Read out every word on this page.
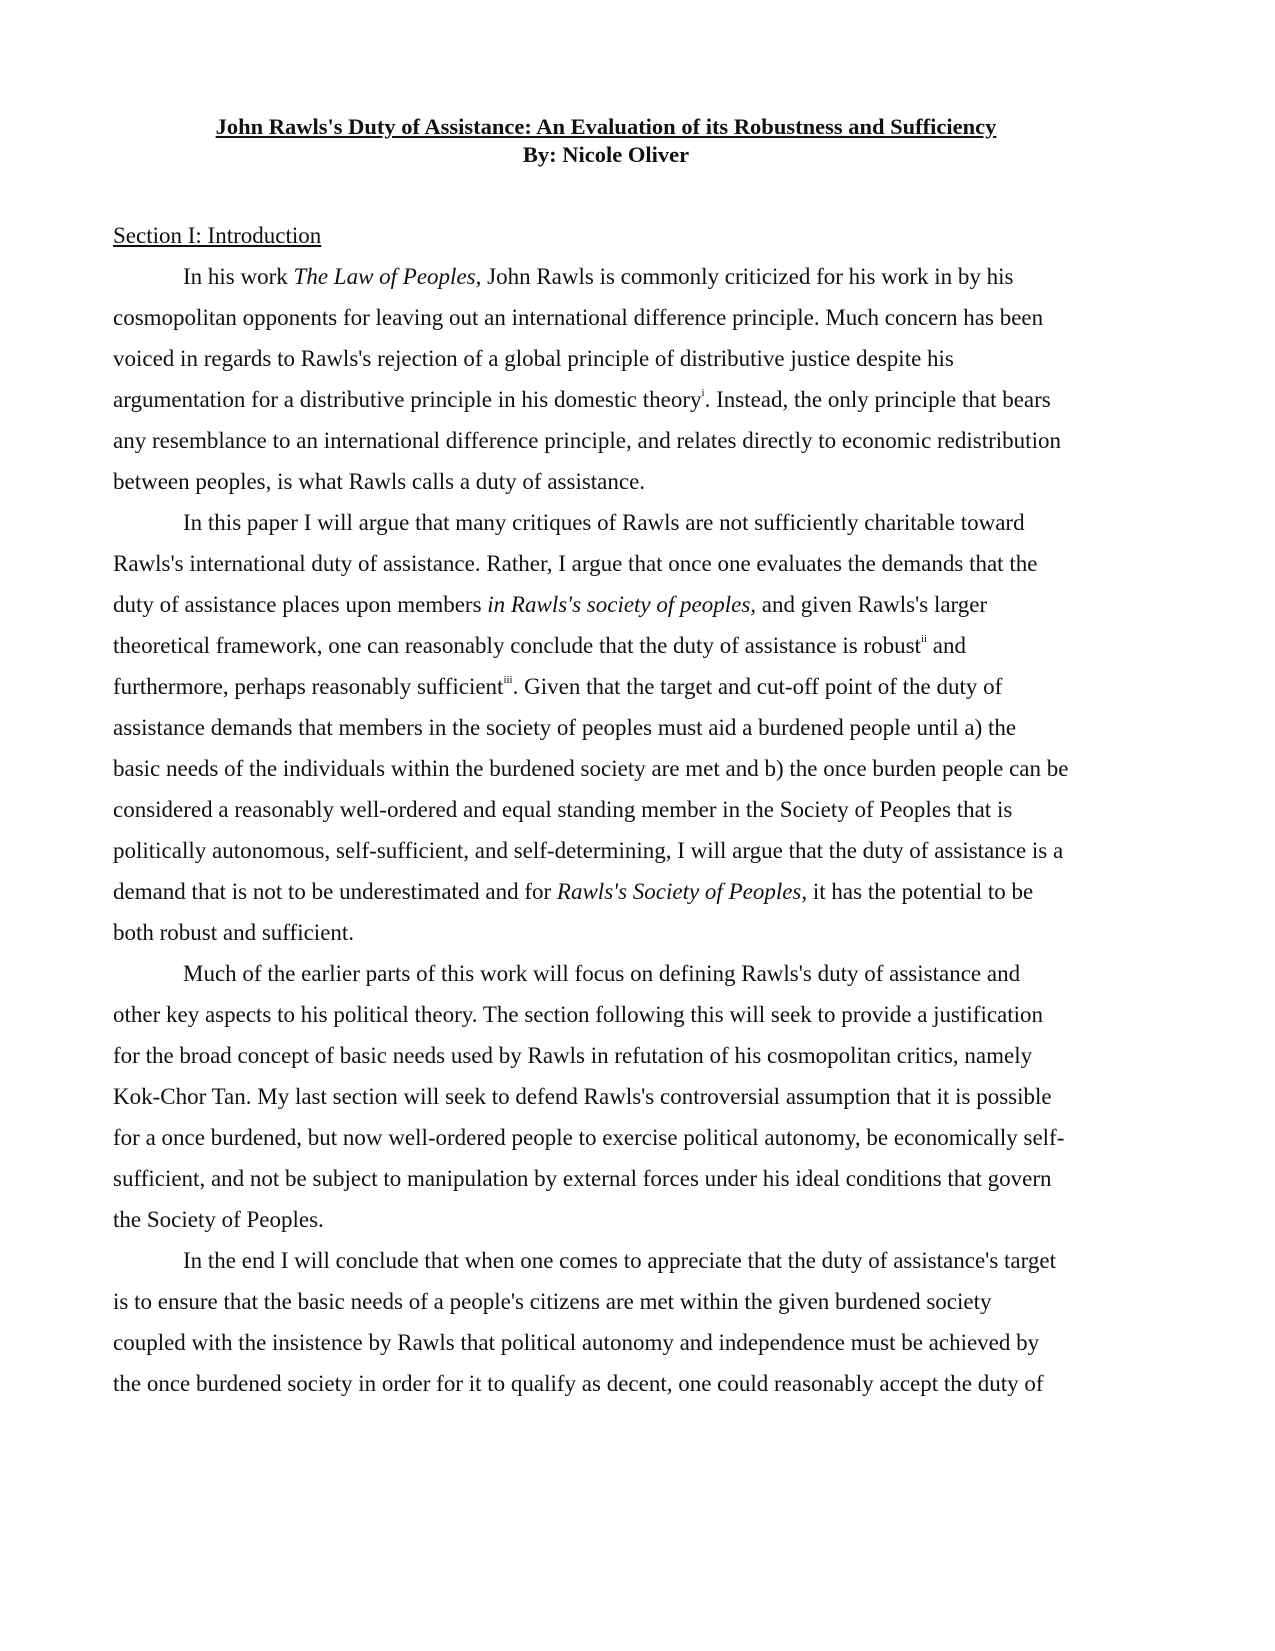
John Rawls's Duty of Assistance: An Evaluation of its Robustness and Sufficiency
By: Nicole Oliver
Section I: Introduction
In his work The Law of Peoples, John Rawls is commonly criticized for his work in by his
cosmopolitan opponents for leaving out an international difference principle. Much concern has been
voiced in regards to Rawls's rejection of a global principle of distributive justice despite his
argumentation for a distributive principle in his domestic theory$^i$. Instead, the only principle that bears
any resemblance to an international difference principle, and relates directly to economic redistribution
between peoples, is what Rawls calls a duty of assistance.
In this paper I will argue that many critiques of Rawls are not sufficiently charitable toward
Rawls's international duty of assistance. Rather, I argue that once one evaluates the demands that the
duty of assistance places upon members in Rawls's society of peoples, and given Rawls's larger
theoretical framework, one can reasonably conclude that the duty of assistance is robust$^{ii}$ and
furthermore, perhaps reasonably sufficient$^{iii}$. Given that the target and cut-off point of the duty of
assistance demands that members in the society of peoples must aid a burdened people until a) the
basic needs of the individuals within the burdened society are met and b) the once burden people can be
considered a reasonably well-ordered and equal standing member in the Society of Peoples that is
politically autonomous, self-sufficient, and self-determining, I will argue that the duty of assistance is a
demand that is not to be underestimated and for Rawls's Society of Peoples, it has the potential to be
both robust and sufficient.
Much of the earlier parts of this work will focus on defining Rawls's duty of assistance and
other key aspects to his political theory. The section following this will seek to provide a justification
for the broad concept of basic needs used by Rawls in refutation of his cosmopolitan critics, namely
Kok-Chor Tan. My last section will seek to defend Rawls's controversial assumption that it is possible
for a once burdened, but now well-ordered people to exercise political autonomy, be economically self-
sufficient, and not be subject to manipulation by external forces under his ideal conditions that govern
the Society of Peoples.
In the end I will conclude that when one comes to appreciate that the duty of assistance's target
is to ensure that the basic needs of a people's citizens are met within the given burdened society
coupled with the insistence by Rawls that political autonomy and independence must be achieved by
the once burdened society in order for it to qualify as decent, one could reasonably accept the duty of
